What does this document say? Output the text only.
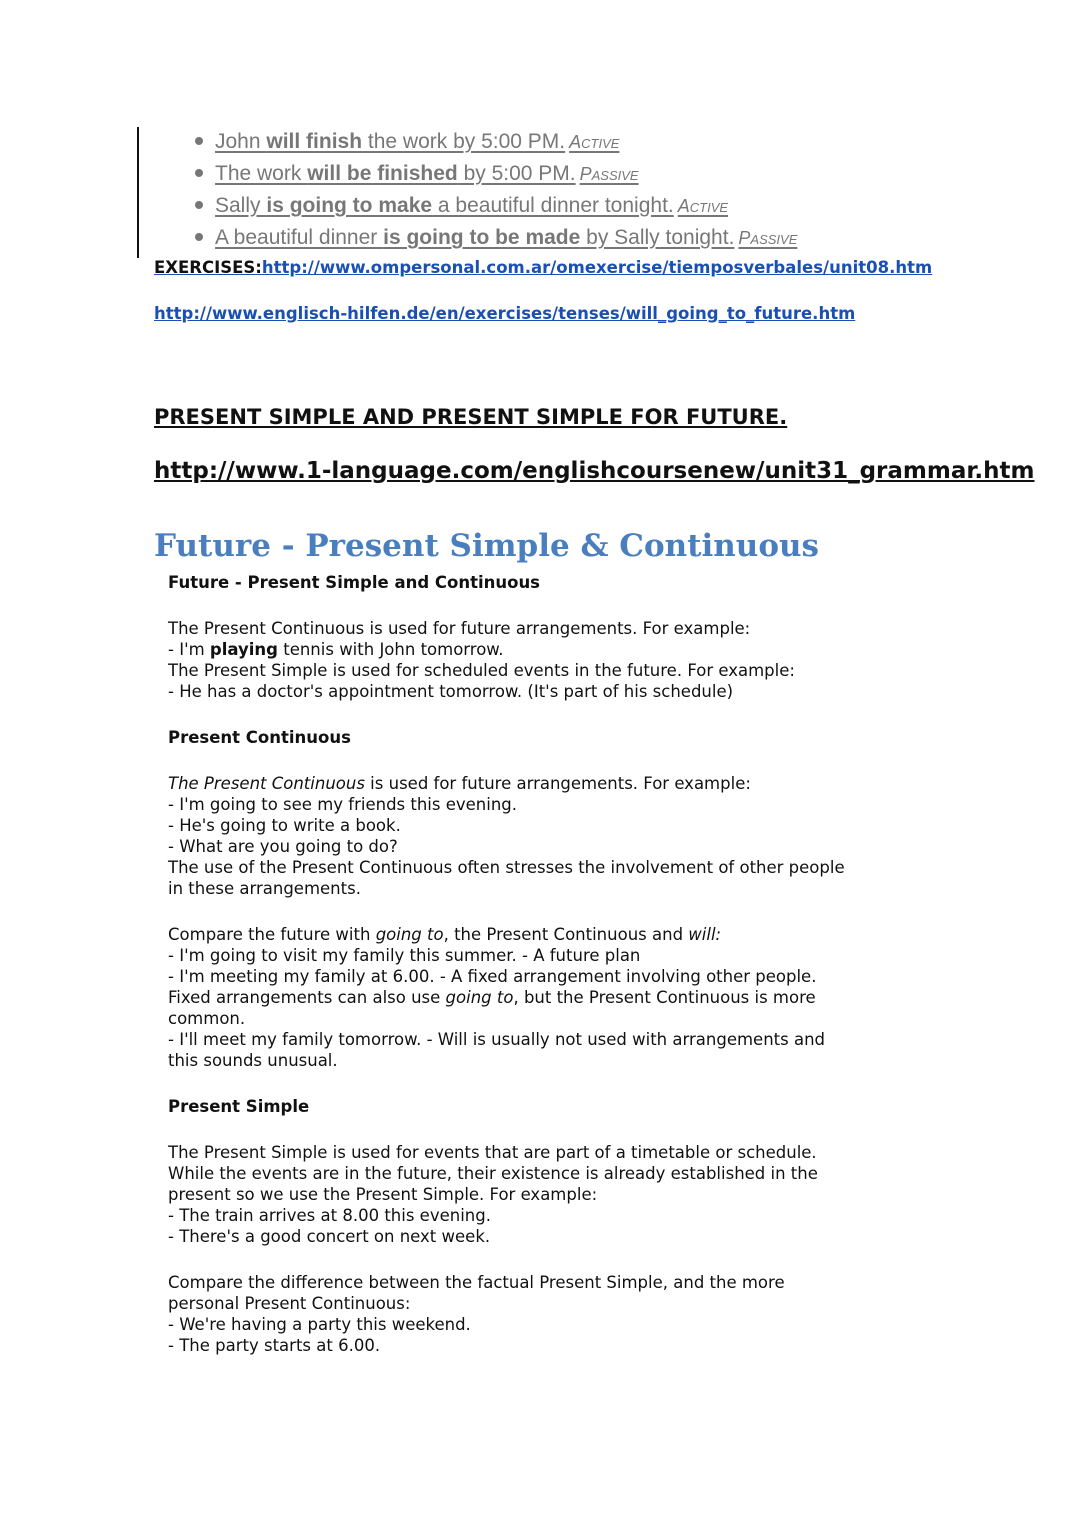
John will finish the work by 5:00 PM. Active
The work will be finished by 5:00 PM. Passive
Sally is going to make a beautiful dinner tonight. Active
A beautiful dinner is going to be made by Sally tonight. Passive
EXERCISES:http://www.ompersonal.com.ar/omexercise/tiemposverbales/unit08.htm
http://www.englisch-hilfen.de/en/exercises/tenses/will_going_to_future.htm
PRESENT SIMPLE AND PRESENT SIMPLE FOR FUTURE.
http://www.1-language.com/englishcoursenew/unit31_grammar.htm
Future - Present Simple & Continuous

Future - Present Simple and Continuous

The Present Continuous is used for future arrangements. For example:

- I'm playing tennis with John tomorrow.

The Present Simple is used for scheduled events in the future. For example:

- He has a doctor's appointment tomorrow. (It's part of his schedule)

Present Continuous

The Present Continuous is used for future arrangements. For example:

- I'm going to see my friends this evening.

- He's going to write a book.

- What are you going to do?

The use of the Present Continuous often stresses the involvement of other people

in these arrangements.

Compare the future with going to, the Present Continuous and will:

- I'm going to visit my family this summer. - A future plan

- I'm meeting my family at 6.00. - A fixed arrangement involving other people.

Fixed arrangements can also use going to, but the Present Continuous is more

common.

- I'll meet my family tomorrow. - Will is usually not used with arrangements and

this sounds unusual.

Present Simple

The Present Simple is used for events that are part of a timetable or schedule.

While the events are in the future, their existence is already established in the

present so we use the Present Simple. For example:

- The train arrives at 8.00 this evening.

- There's a good concert on next week.

Compare the difference between the factual Present Simple, and the more

personal Present Continuous:

- We're having a party this weekend.

- The party starts at 6.00.
